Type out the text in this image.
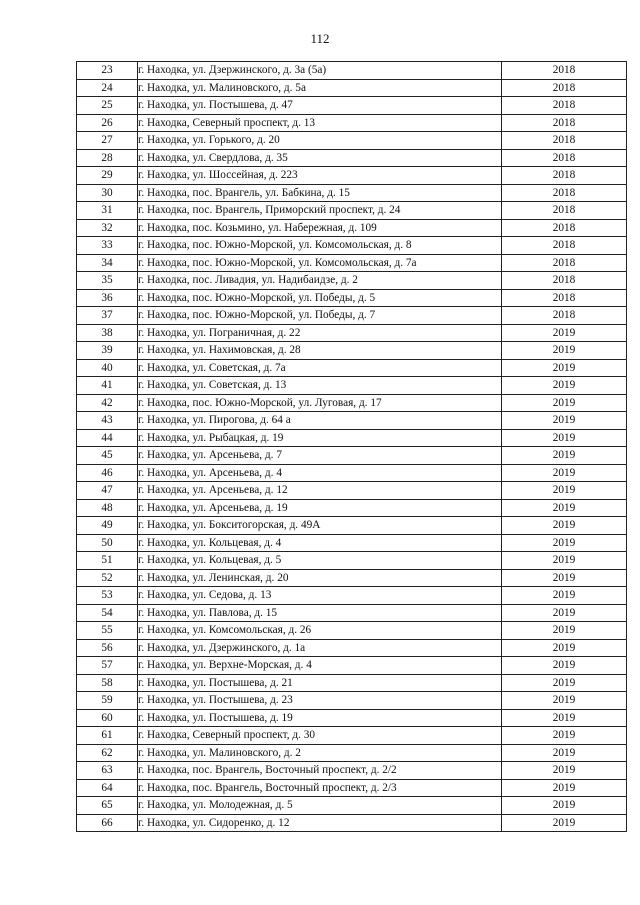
112
23	г. Находка, ул. Дзержинского, д. 3а (5а)	2018
24	г. Находка, ул. Малиновского, д. 5а	2018
25	г. Находка, ул. Постышева, д. 47	2018
26	г. Находка, Северный проспект, д. 13	2018
27	г. Находка, ул. Горького, д. 20	2018
28	г. Находка, ул. Свердлова, д. 35	2018
29	г. Находка, ул. Шоссейная, д. 223	2018
30	г. Находка, пос. Врангель, ул. Бабкина, д. 15	2018
31	г. Находка, пос. Врангель, Приморский проспект, д. 24	2018
32	г. Находка, пос. Козьмино, ул. Набережная, д. 109	2018
33	г. Находка, пос. Южно-Морской, ул. Комсомольская, д. 8	2018
34	г. Находка, пос. Южно-Морской, ул. Комсомольская, д. 7а	2018
35	г. Находка, пос. Ливадия, ул. Надибаидзе, д. 2	2018
36	г. Находка, пос. Южно-Морской, ул. Победы, д. 5	2018
37	г. Находка, пос. Южно-Морской, ул. Победы, д. 7	2018
38	г. Находка, ул. Пограничная, д. 22	2019
39	г. Находка, ул. Нахимовская, д. 28	2019
40	г. Находка, ул. Советская, д. 7а	2019
41	г. Находка, ул. Советская, д. 13	2019
42	г. Находка, пос. Южно-Морской, ул. Луговая, д. 17	2019
43	г. Находка, ул. Пирогова, д. 64 а	2019
44	г. Находка, ул. Рыбацкая, д. 19	2019
45	г. Находка, ул. Арсеньева, д. 7	2019
46	г. Находка, ул. Арсеньева, д. 4	2019
47	г. Находка, ул. Арсеньева, д. 12	2019
48	г. Находка, ул. Арсеньева, д. 19	2019
49	г. Находка, ул. Бокситогорская, д. 49А	2019
50	г. Находка, ул. Кольцевая, д. 4	2019
51	г. Находка, ул. Кольцевая, д. 5	2019
52	г. Находка, ул. Ленинская, д. 20	2019
53	г. Находка, ул. Седова, д. 13	2019
54	г. Находка, ул. Павлова, д. 15	2019
55	г. Находка, ул. Комсомольская, д. 26	2019
56	г. Находка, ул. Дзержинского, д. 1а	2019
57	г. Находка, ул. Верхне-Морская, д. 4	2019
58	г. Находка, ул. Постышева, д. 21	2019
59	г. Находка, ул. Постышева, д. 23	2019
60	г. Находка, ул. Постышева, д. 19	2019
61	г. Находка, Северный проспект, д. 30	2019
62	г. Находка, ул. Малиновского, д. 2	2019
63	г. Находка, пос. Врангель, Восточный проспект, д. 2/2	2019
64	г. Находка, пос. Врангель, Восточный проспект, д. 2/3	2019
65	г. Находка, ул. Молодежная, д. 5	2019
66	г. Находка, ул. Сидоренко, д. 12	2019
